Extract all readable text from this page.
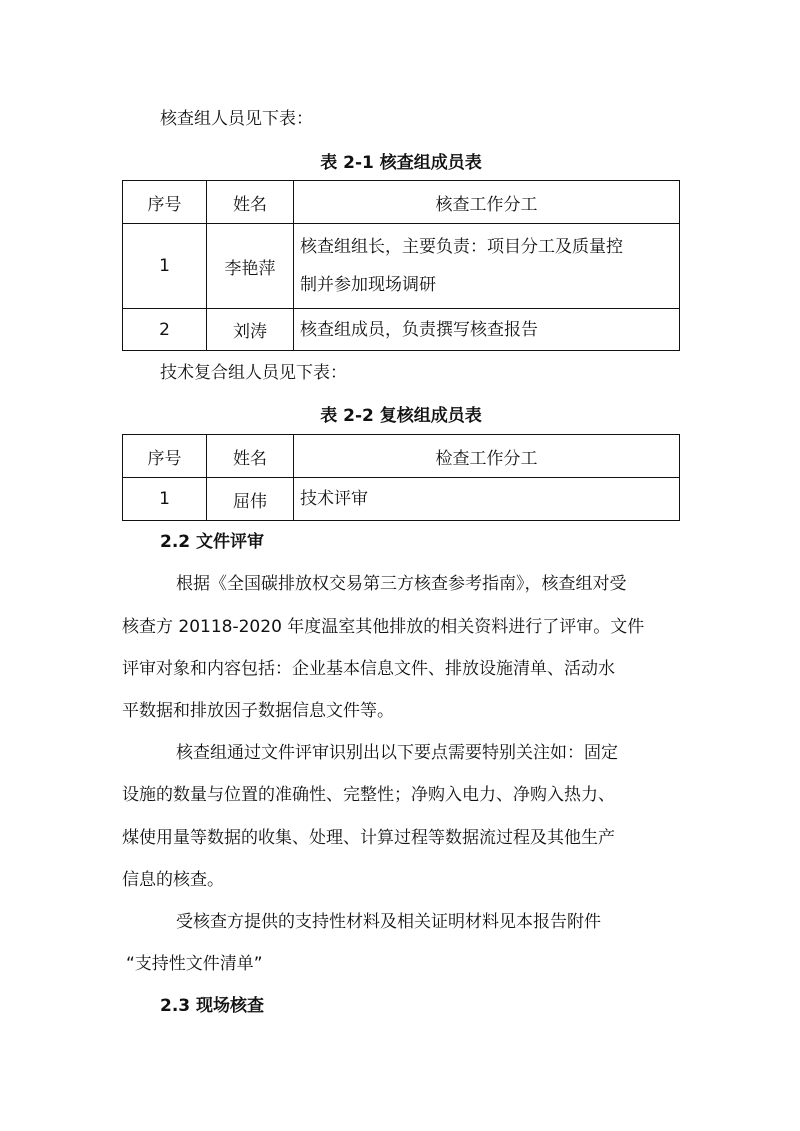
核查组人员见下表：
表 2-1 核查组成员表
序号	姓名	核查工作分工
1	李艳萍	核查组组长，主要负责：项目分工及质量控
制并参加现场调研

2	刘涛	核查组成员，负责撰写核查报告
技术复合组人员见下表：
表 2-2 复核组成员表
序号	姓名	检查工作分工
1	屈伟	技术评审
2.2 文件评审
根据《全国碳排放权交易第三方核查参考指南》，核查组对受
核查方 20118-2020 年度温室其他排放的相关资料进行了评审。文件
评审对象和内容包括：企业基本信息文件、排放设施清单、活动水
平数据和排放因子数据信息文件等。
核查组通过文件评审识别出以下要点需要特别关注如：固定
设施的数量与位置的准确性、完整性；净购入电力、净购入热力、
煤使用量等数据的收集、处理、计算过程等数据流过程及其他生产
信息的核查。
受核查方提供的支持性材料及相关证明材料见本报告附件
“支持性文件清单”
2.3 现场核查
